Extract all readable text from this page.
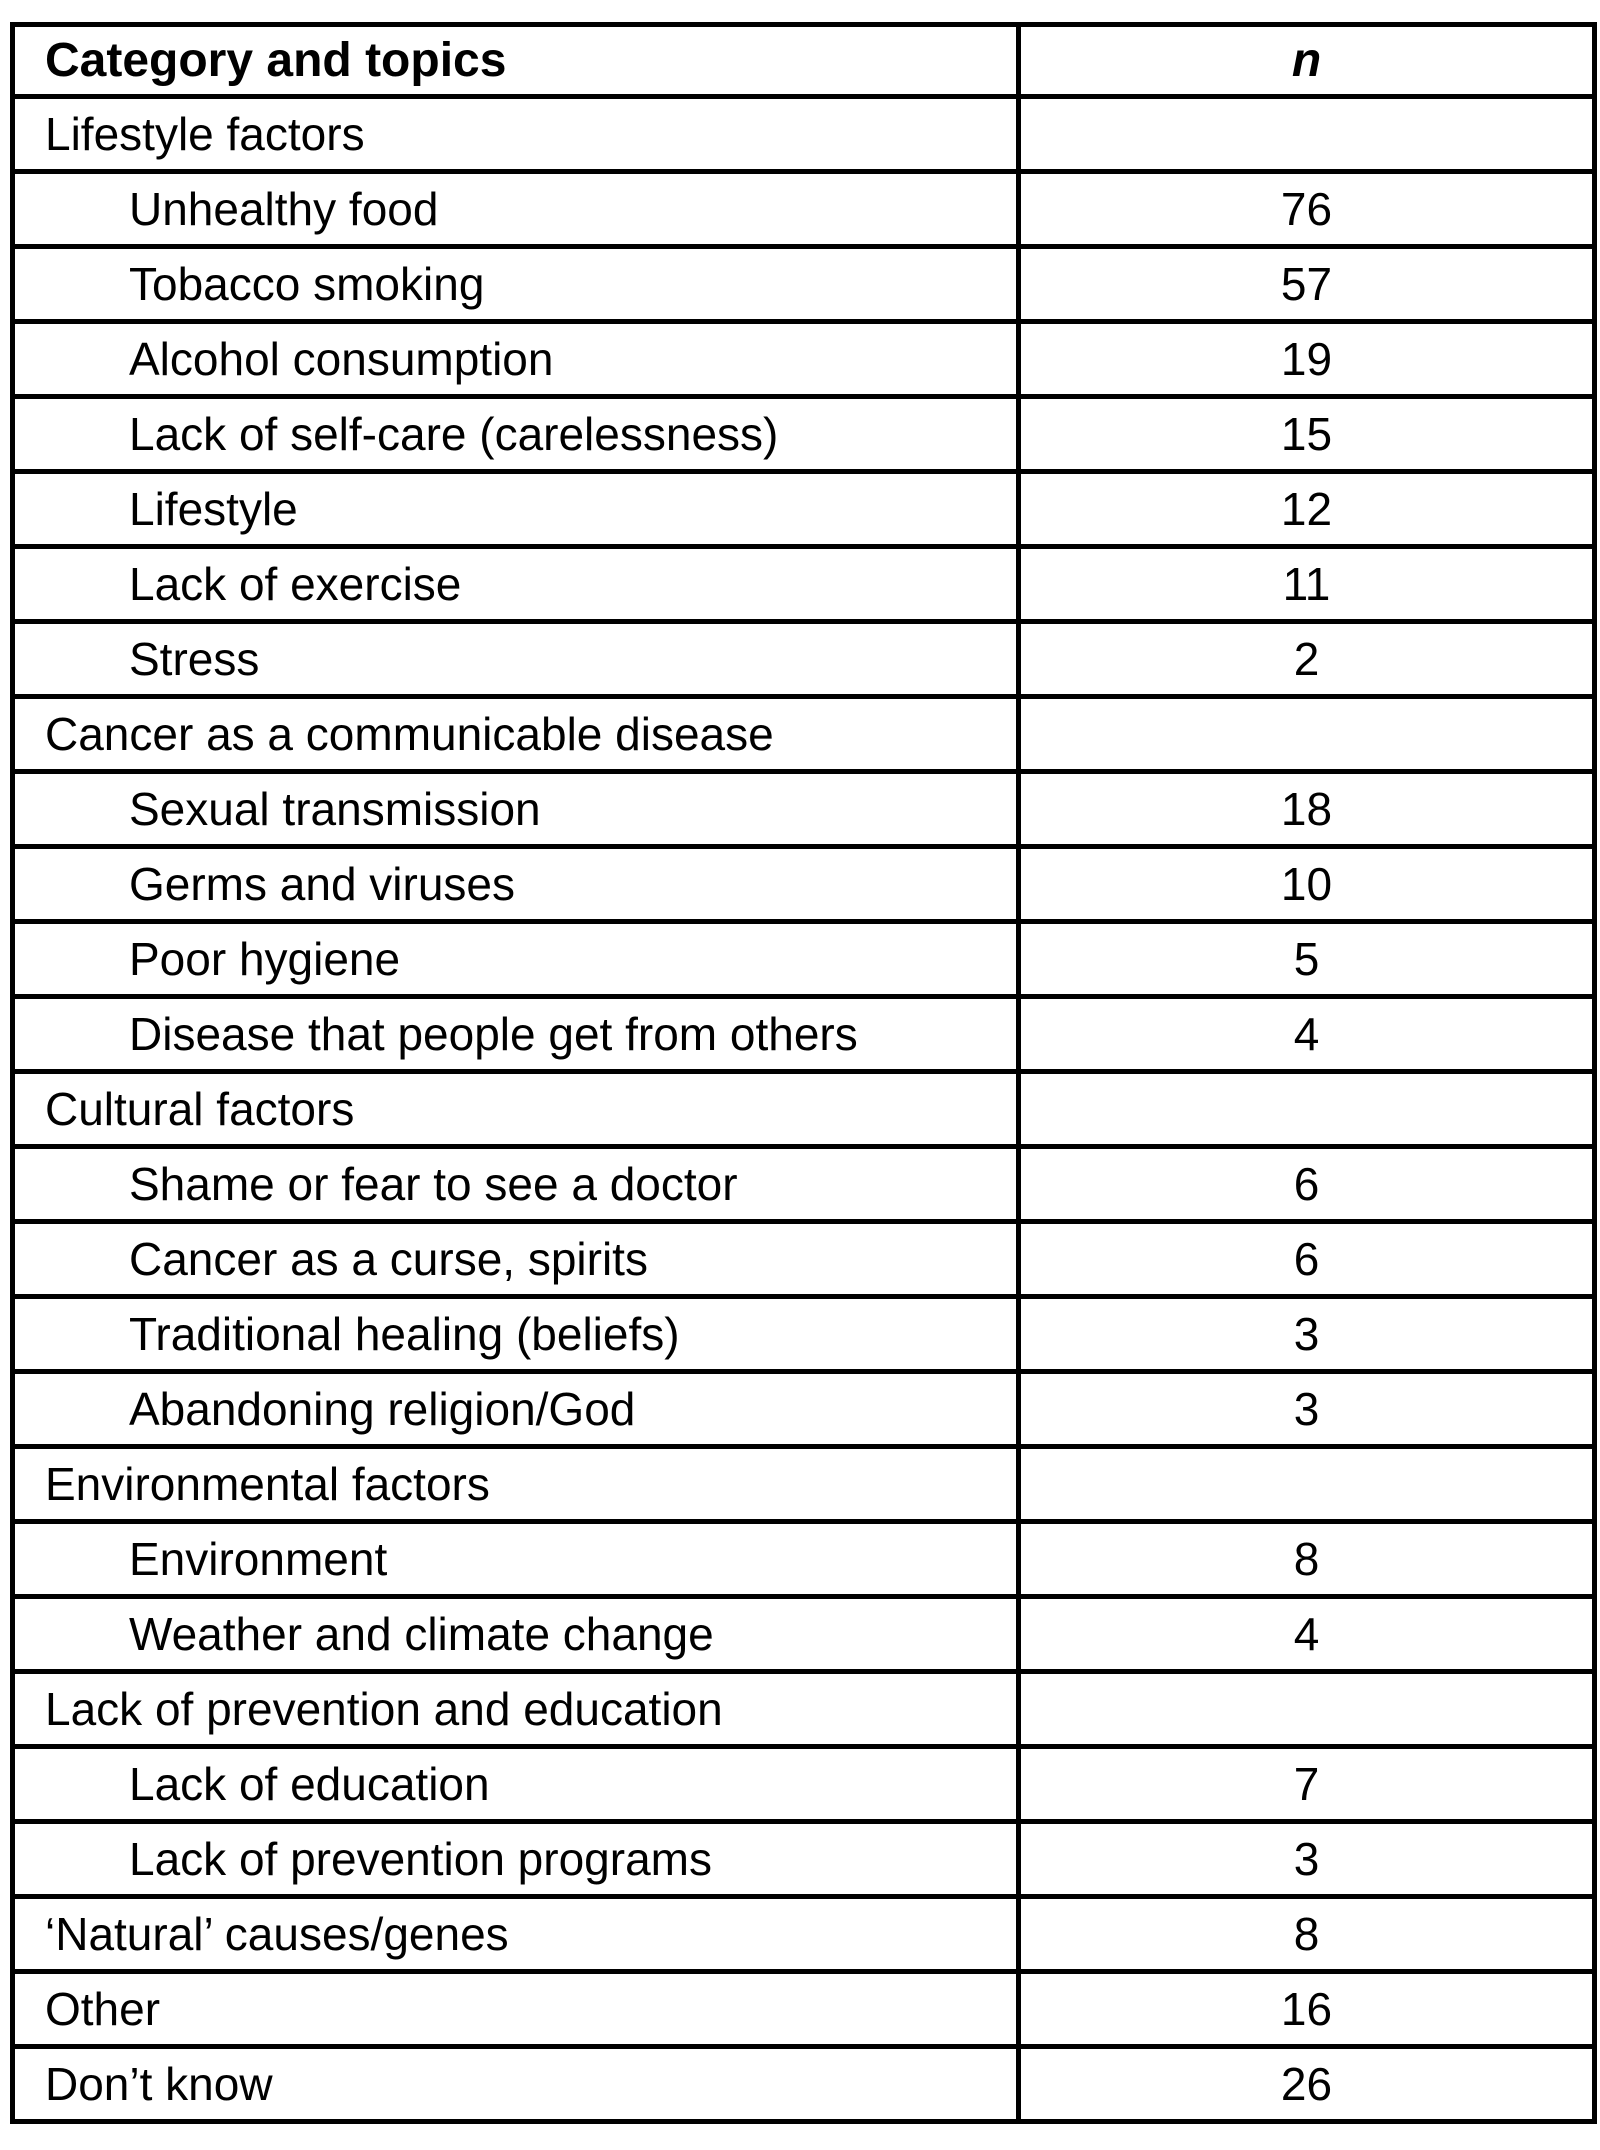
Category and topics	n
Lifestyle factors	
Unhealthy food	76
Tobacco smoking	57
Alcohol consumption	19
Lack of self-care (carelessness)	15
Lifestyle	12
Lack of exercise	11
Stress	2
Cancer as a communicable disease	
Sexual transmission	18
Germs and viruses	10
Poor hygiene	5
Disease that people get from others	4
Cultural factors	
Shame or fear to see a doctor	6
Cancer as a curse, spirits	6
Traditional healing (beliefs)	3
Abandoning religion/God	3
Environmental factors	
Environment	8
Weather and climate change	4
Lack of prevention and education	
Lack of education	7
Lack of prevention programs	3
‘Natural’ causes/genes	8
Other	16
Don’t know	26
